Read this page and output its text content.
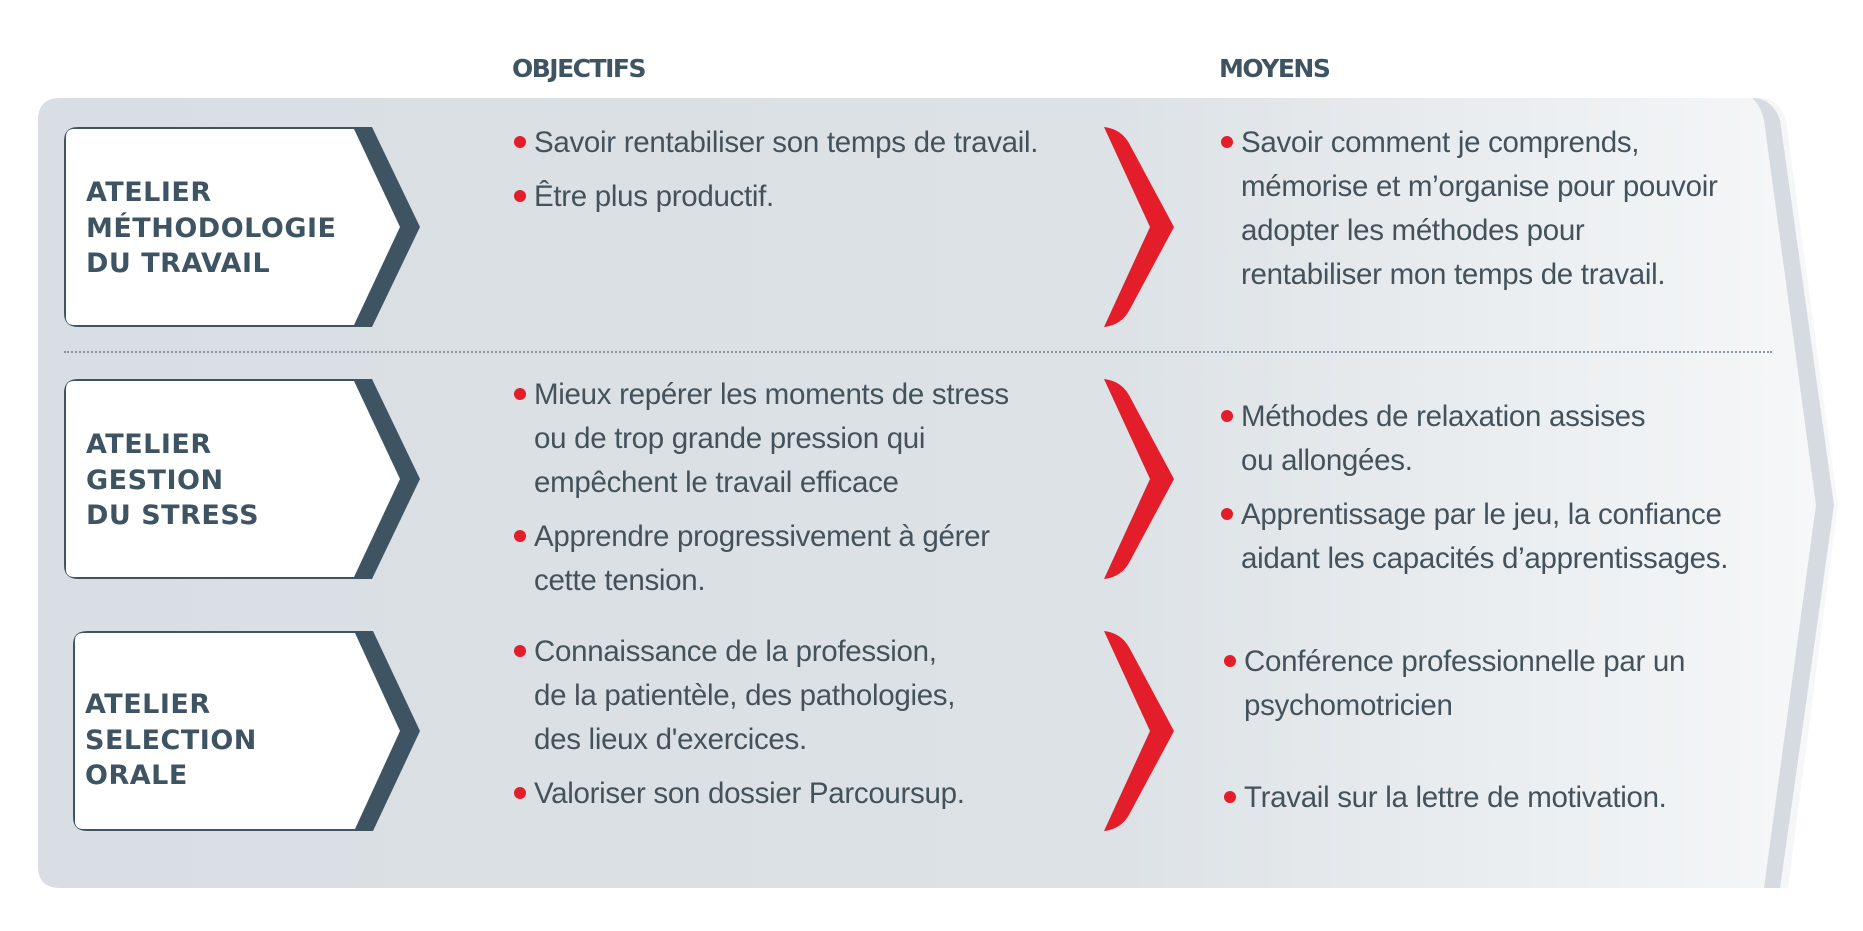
OBJECTIFS	MOYENS
ATELIER
MÉTHODOLOGIE
DU TRAVAIL
Savoir rentabiliser son temps de travail.
Être plus productif.
Savoir comment je comprends,
mémorise et m’organise pour pouvoir
adopter les méthodes pour
rentabiliser mon temps de travail.
ATELIER
GESTION
DU STRESS
Mieux repérer les moments de stress
ou de trop grande pression qui
empêchent le travail efficace
Apprendre progressivement à gérer
cette tension.
Méthodes de relaxation assises
ou allongées.
Apprentissage par le jeu, la confiance
aidant les capacités d’apprentissages.
ATELIER
SELECTION
ORALE
Connaissance de la profession,
de la patientèle, des pathologies,
des lieux d'exercices.
Valoriser son dossier Parcoursup.
Conférence professionnelle par un
psychomotricien
Travail sur la lettre de motivation.
